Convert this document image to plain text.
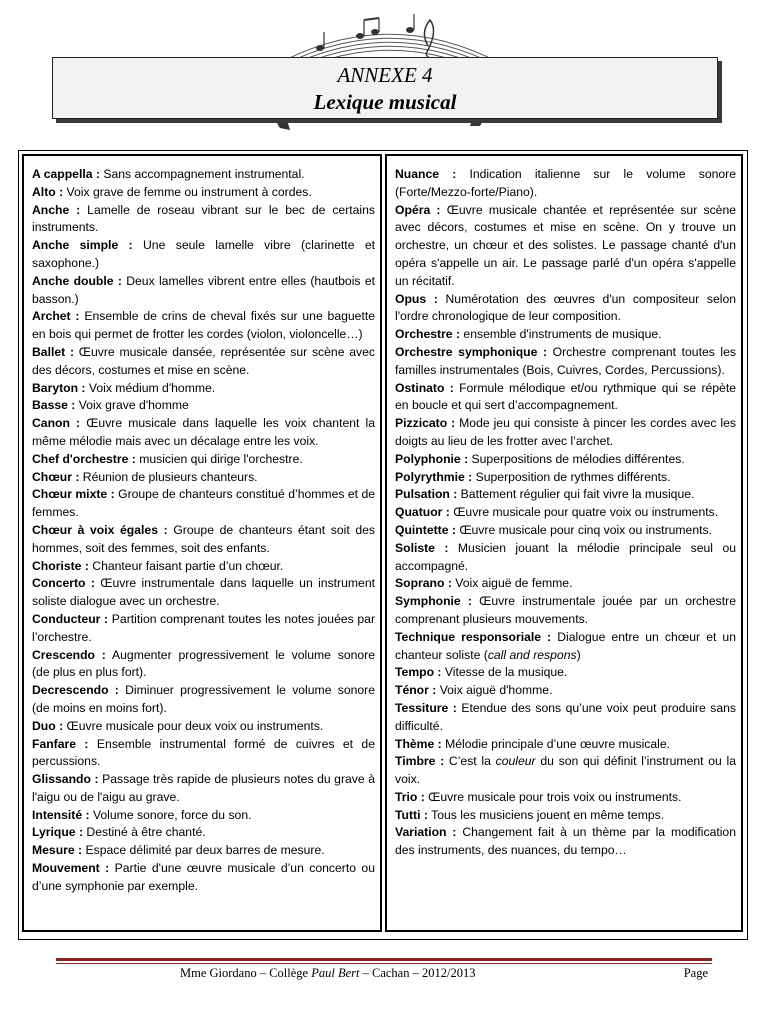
ANNEXE 4
Lexique musical

A cappella : Sans accompagnement instrumental.

Alto : Voix grave de femme ou instrument à cordes.

Anche : Lamelle de roseau vibrant sur le bec de certains instruments.

Anche simple : Une seule lamelle vibre (clarinette et saxophone.)

Anche double : Deux lamelles vibrent entre elles (hautbois et basson.)

Archet : Ensemble de crins de cheval fixés sur une baguette en bois qui permet de frotter les cordes (violon, violoncelle…)

Ballet : Œuvre musicale dansée, représentée sur scène avec des décors, costumes et mise en scène.

Baryton : Voix médium d'homme.

Basse : Voix grave d'homme

Canon : Œuvre musicale dans laquelle les voix chantent la même mélodie mais avec un décalage entre les voix.

Chef d'orchestre : musicien qui dirige l'orchestre.

Chœur : Réunion de plusieurs chanteurs.

Chœur mixte : Groupe de chanteurs constitué d’hommes et de femmes.

Chœur à voix égales : Groupe de chanteurs étant soit des hommes, soit des femmes, soit des enfants.

Choriste : Chanteur faisant partie d’un chœur.

Concerto : Œuvre instrumentale dans laquelle un instrument soliste dialogue avec un orchestre.

Conducteur : Partition comprenant toutes les notes jouées par l’orchestre.

Crescendo : Augmenter progressivement le volume sonore (de plus en plus fort).

Decrescendo : Diminuer progressivement le volume sonore (de moins en moins fort).

Duo : Œuvre musicale pour deux voix ou instruments.

Fanfare : Ensemble instrumental formé de cuivres et de percussions.

Glissando : Passage très rapide de plusieurs notes du grave à l'aigu ou de l'aigu au grave.

Intensité : Volume sonore, force du son.

Lyrique : Destiné à être chanté.

Mesure : Espace délimité par deux barres de mesure.

Mouvement : Partie d'une œuvre musicale d’un concerto ou d’une symphonie par exemple.

Nuance : Indication italienne sur le volume sonore (Forte/Mezzo-forte/Piano).

Opéra : Œuvre musicale chantée et représentée sur scène avec décors, costumes et mise en scène. On y trouve un orchestre, un chœur et des solistes. Le passage chanté d'un opéra s'appelle un air. Le passage parlé d'un opéra s'appelle un récitatif.

Opus : Numérotation des œuvres d'un compositeur selon l'ordre chronologique de leur composition.

Orchestre : ensemble d'instruments de musique.

Orchestre symphonique : Orchestre comprenant toutes les familles instrumentales (Bois, Cuivres, Cordes, Percussions).

Ostinato : Formule mélodique et/ou rythmique qui se répète en boucle et qui sert d’accompagnement.

Pizzicato : Mode jeu qui consiste à pincer les cordes avec les doigts au lieu de les frotter avec l’archet.

Polyphonie : Superpositions de mélodies différentes.

Polyrythmie : Superposition de rythmes différents.

Pulsation : Battement régulier qui fait vivre la musique.

Quatuor : Œuvre musicale pour quatre voix ou instruments.

Quintette : Œuvre musicale pour cinq voix ou instruments.

Soliste : Musicien jouant la mélodie principale seul ou accompagné.

Soprano : Voix aiguë de femme.

Symphonie : Œuvre instrumentale jouée par un orchestre comprenant plusieurs mouvements.

Technique responsoriale : Dialogue entre un chœur et un chanteur soliste (call and respons)

Tempo : Vitesse de la musique.

Ténor : Voix aiguë d'homme.

Tessiture : Etendue des sons qu’une voix peut produire sans difficulté.

Thème : Mélodie principale d’une œuvre musicale.

Timbre : C’est la couleur du son qui définit l’instrument ou la voix.

Trio : Œuvre musicale pour trois voix ou instruments.

Tutti : Tous les musiciens jouent en même temps.

Variation : Changement fait à un thème par la modification des instruments, des nuances, du tempo…

Mme Giordano – Collège Paul Bert – Cachan – 2012/2013	Page
